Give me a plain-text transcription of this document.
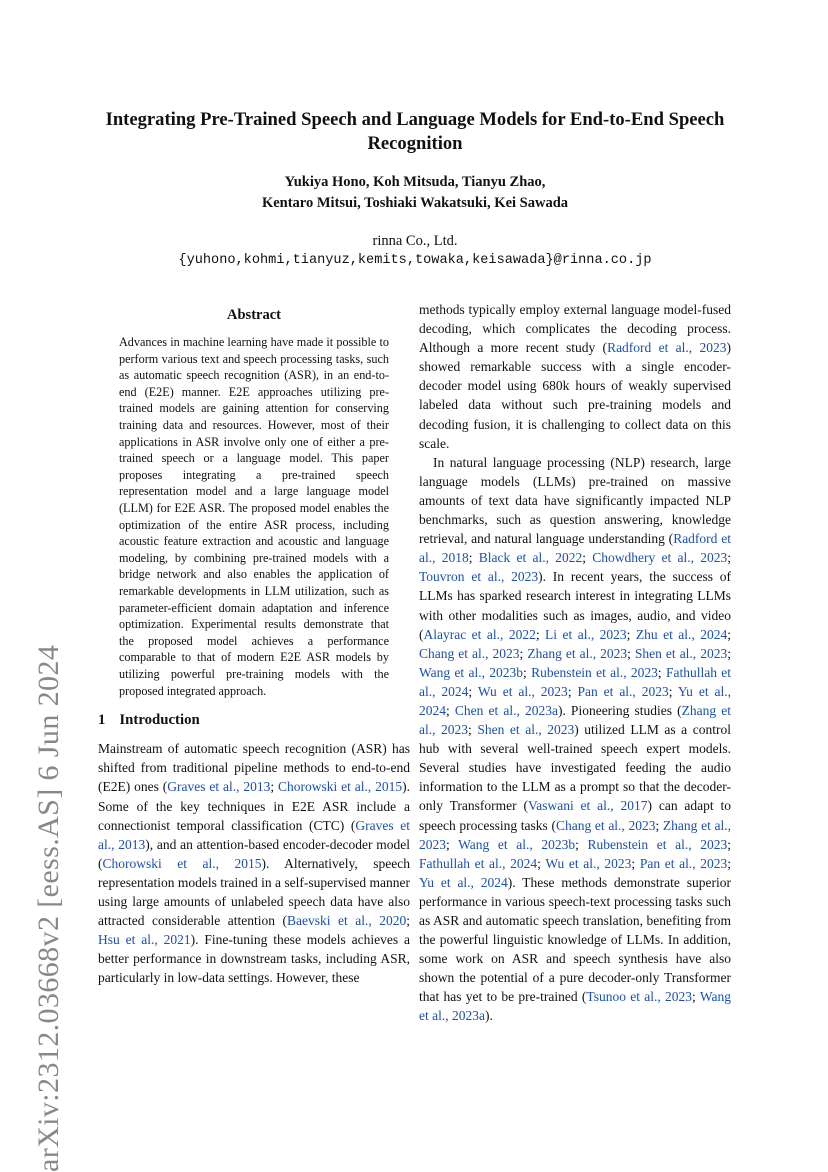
arXiv:2312.03668v2 [eess.AS] 6 Jun 2024
Integrating Pre-Trained Speech and Language Models for End-to-End Speech Recognition
Yukiya Hono, Koh Mitsuda, Tianyu Zhao,
Kentaro Mitsui, Toshiaki Wakatsuki, Kei Sawada
rinna Co., Ltd.
{yuhono,kohmi,tianyuz,kemits,towaka,keisawada}@rinna.co.jp
Abstract

Advances in machine learning have made it possible to perform various text and speech processing tasks, such as automatic speech recognition (ASR), in an end-to-end (E2E) manner. E2E approaches utilizing pre-trained models are gaining attention for conserving training data and resources. However, most of their applications in ASR involve only one of either a pre-trained speech or a language model. This paper proposes integrating a pre-trained speech representation model and a large language model (LLM) for E2E ASR. The proposed model enables the optimization of the entire ASR process, including acoustic feature extraction and acoustic and language modeling, by combining pre-trained models with a bridge network and also enables the application of remarkable developments in LLM utilization, such as parameter-efficient domain adaptation and inference optimization. Experimental results demonstrate that the proposed model achieves a performance comparable to that of modern E2E ASR models by utilizing powerful pre-training models with the proposed integrated approach.

1 Introduction

Mainstream of automatic speech recognition (ASR) has shifted from traditional pipeline methods to end-to-end (E2E) ones (Graves et al., 2013; Chorowski et al., 2015). Some of the key techniques in E2E ASR include a connectionist temporal classification (CTC) (Graves et al., 2013), and an attention-based encoder-decoder model (Chorowski et al., 2015). Alternatively, speech representation models trained in a self-supervised manner using large amounts of unlabeled speech data have also attracted considerable attention (Baevski et al., 2020; Hsu et al., 2021). Fine-tuning these models achieves a better performance in downstream tasks, including ASR, particularly in low-data settings. However, these

methods typically employ external language model-fused decoding, which complicates the decoding process. Although a more recent study (Radford et al., 2023) showed remarkable success with a single encoder-decoder model using 680k hours of weakly supervised labeled data without such pre-training models and decoding fusion, it is challenging to collect data on this scale.

In natural language processing (NLP) research, large language models (LLMs) pre-trained on massive amounts of text data have significantly impacted NLP benchmarks, such as question answering, knowledge retrieval, and natural language understanding (Radford et al., 2018; Black et al., 2022; Chowdhery et al., 2023; Touvron et al., 2023). In recent years, the success of LLMs has sparked research interest in integrating LLMs with other modalities such as images, audio, and video (Alayrac et al., 2022; Li et al., 2023; Zhu et al., 2024; Chang et al., 2023; Zhang et al., 2023; Shen et al., 2023; Wang et al., 2023b; Rubenstein et al., 2023; Fathullah et al., 2024; Wu et al., 2023; Pan et al., 2023; Yu et al., 2024; Chen et al., 2023a). Pioneering studies (Zhang et al., 2023; Shen et al., 2023) utilized LLM as a control hub with several well-trained speech expert models. Several studies have investigated feeding the audio information to the LLM as a prompt so that the decoder-only Transformer (Vaswani et al., 2017) can adapt to speech processing tasks (Chang et al., 2023; Zhang et al., 2023; Wang et al., 2023b; Rubenstein et al., 2023; Fathullah et al., 2024; Wu et al., 2023; Pan et al., 2023; Yu et al., 2024). These methods demonstrate superior performance in various speech-text processing tasks such as ASR and automatic speech translation, benefiting from the powerful linguistic knowledge of LLMs. In addition, some work on ASR and speech synthesis have also shown the potential of a pure decoder-only Transformer that has yet to be pre-trained (Tsunoo et al., 2023; Wang et al., 2023a).
